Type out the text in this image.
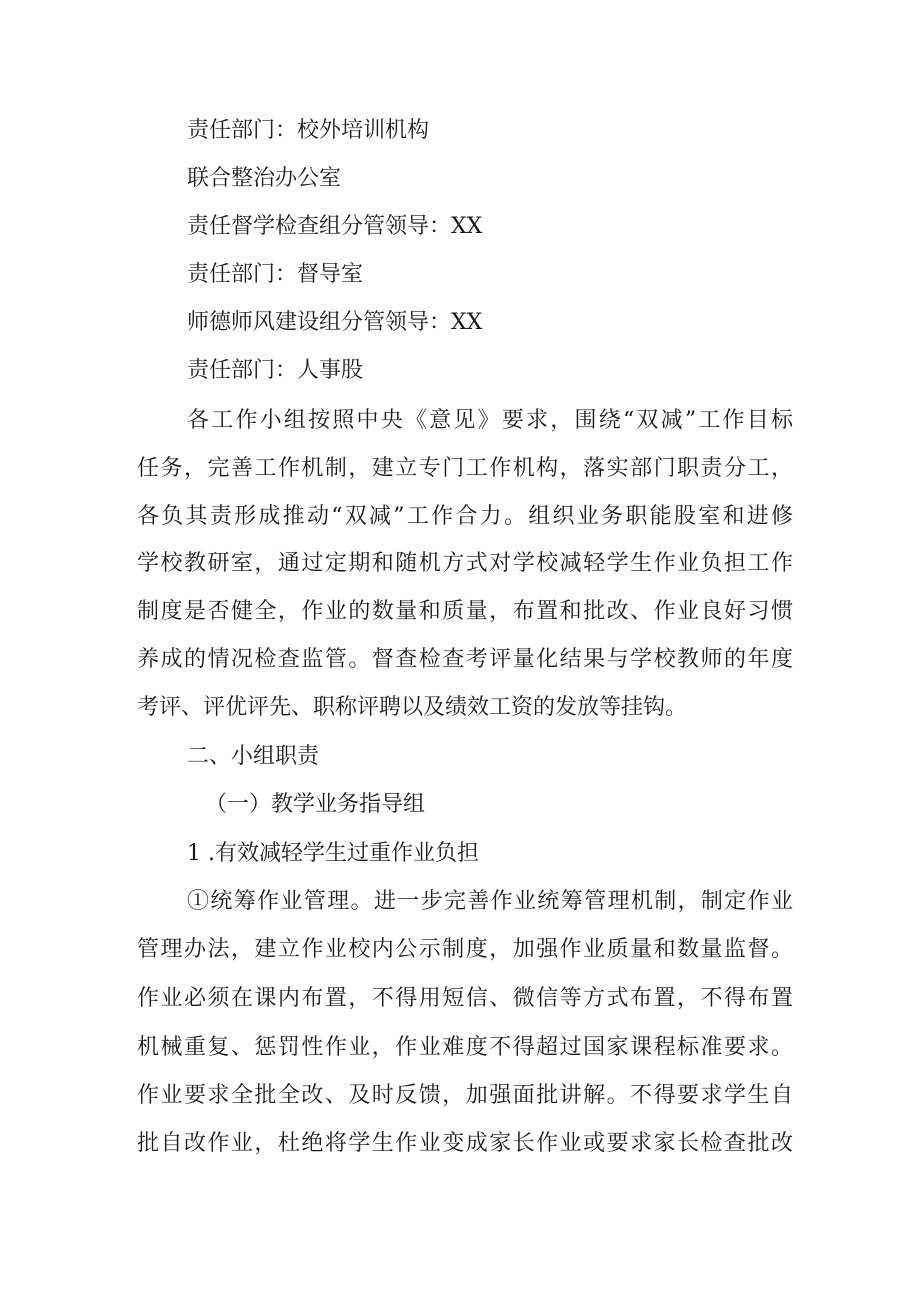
责任部门：校外培训机构

联合整治办公室

责任督学检查组分管领导：XX

责任部门：督导室

师德师风建设组分管领导：XX

责任部门：人事股

各工作小组按照中央《意见》要求，围绕“双减”工作目标

任务，完善工作机制，建立专门工作机构，落实部门职责分工，

各负其责形成推动“双减”工作合力。组织业务职能股室和进修

学校教研室，通过定期和随机方式对学校减轻学生作业负担工作

制度是否健全，作业的数量和质量，布置和批改、作业良好习惯

养成的情况检查监管。督查检查考评量化结果与学校教师的年度

考评、评优评先、职称评聘以及绩效工资的发放等挂钩。

二、小组职责

（一）教学业务指导组

1 .有效减轻学生过重作业负担

①统筹作业管理。进一步完善作业统筹管理机制，制定作业

管理办法，建立作业校内公示制度，加强作业质量和数量监督。

作业必须在课内布置，不得用短信、微信等方式布置，不得布置

机械重复、惩罚性作业，作业难度不得超过国家课程标准要求。

作业要求全批全改、及时反馈，加强面批讲解。不得要求学生自

批自改作业，杜绝将学生作业变成家长作业或要求家长检查批改
